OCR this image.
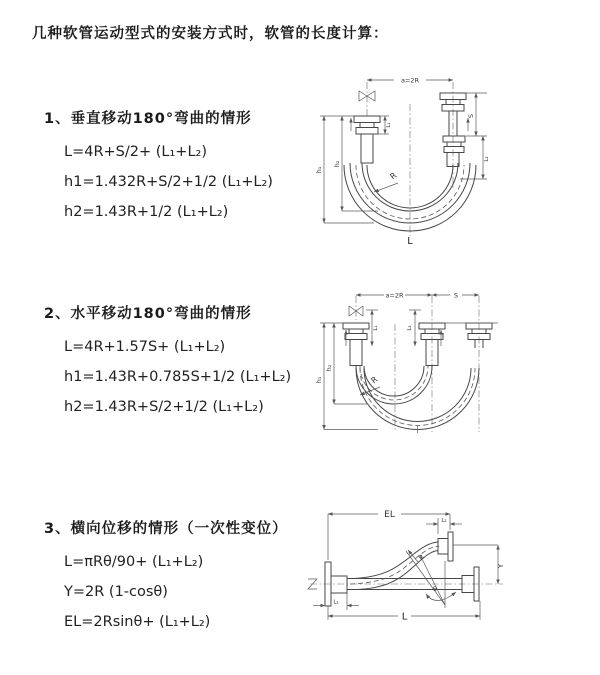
几种软管运动型式的安装方式时，软管的长度计算：
1、垂直移动180°弯曲的情形
L=4R+S/2+ (L₁+L₂)
h1=1.432R+S/2+1/2 (L₁+L₂)
h2=1.43R+1/2 (L₁+L₂)
2、水平移动180°弯曲的情形
L=4R+1.57S+ (L₁+L₂)
h1=1.43R+0.785S+1/2 (L₁+L₂)
h2=1.43R+S/2+1/2 (L₁+L₂)
3、横向位移的情形（一次性变位）
L=πRθ/90+ (L₁+L₂)
Y=2R (1-cosθ)
EL=2Rsinθ+ (L₁+L₂)
a=2R
L₁
S
L₂
h₁
h₂
R
L
a=2R	S
L₁	L₂
h₁
h₂
R
θ
EL
L₂
Y
L
L₁
R
